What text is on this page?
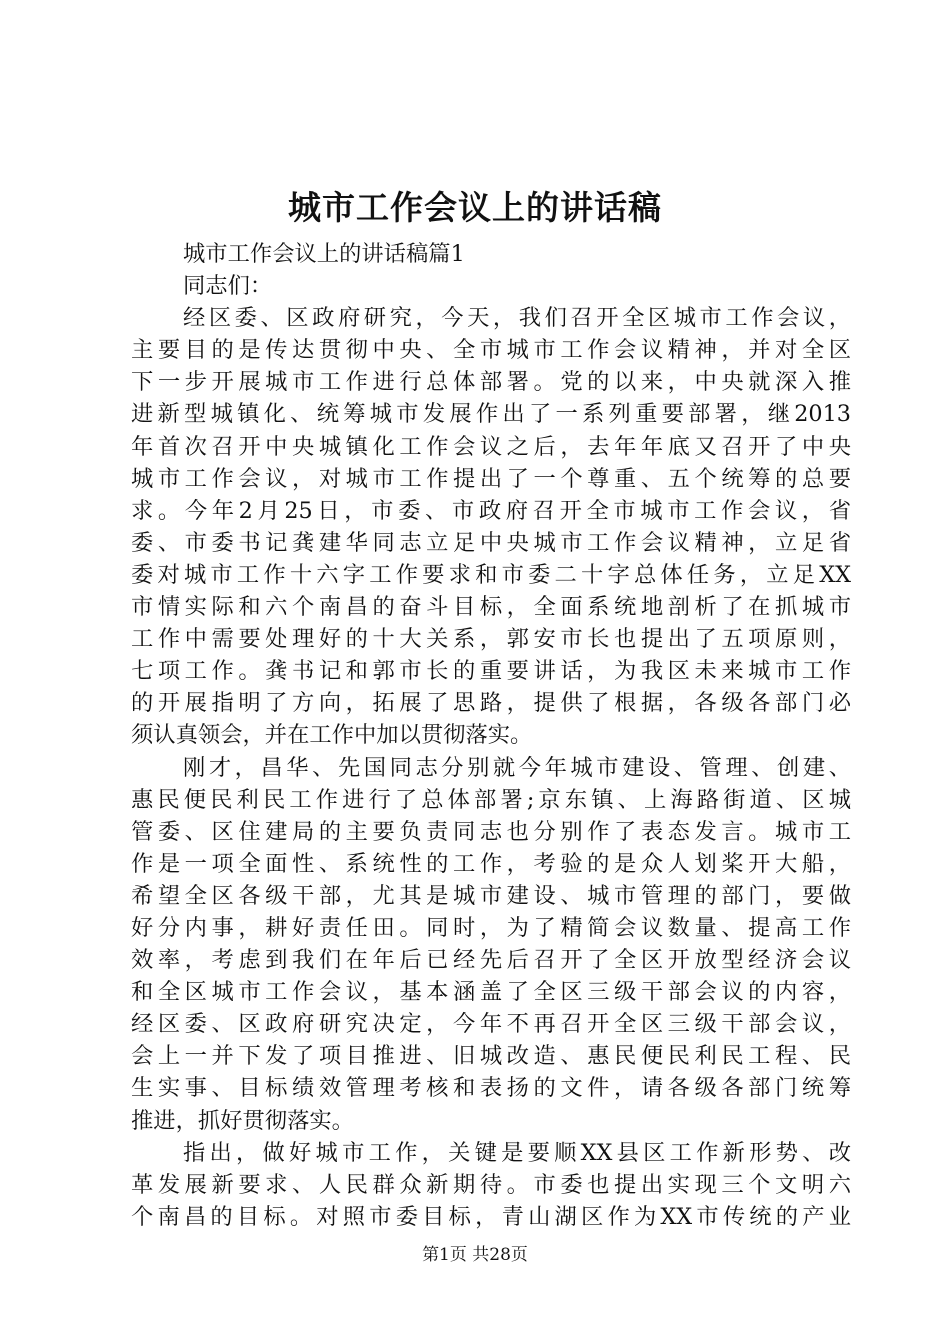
城市工作会议上的讲话稿
城市工作会议上的讲话稿篇1
同志们：
经区委、区政府研究，今天，我们召开全区城市工作会议，
主要目的是传达贯彻中央、全市城市工作会议精神，并对全区
下一步开展城市工作进行总体部署。党的以来，中央就深入推
进新型城镇化、统筹城市发展作出了一系列重要部署，继2013
年首次召开中央城镇化工作会议之后，去年年底又召开了中央
城市工作会议，对城市工作提出了一个尊重、五个统筹的总要
求。今年2月25日，市委、市政府召开全市城市工作会议，省
委、市委书记龚建华同志立足中央城市工作会议精神，立足省
委对城市工作十六字工作要求和市委二十字总体任务，立足XX
市情实际和六个南昌的奋斗目标，全面系统地剖析了在抓城市
工作中需要处理好的十大关系，郭安市长也提出了五项原则，
七项工作。龚书记和郭市长的重要讲话，为我区未来城市工作
的开展指明了方向，拓展了思路，提供了根据，各级各部门必
须认真领会，并在工作中加以贯彻落实。
刚才，昌华、先国同志分别就今年城市建设、管理、创建、
惠民便民利民工作进行了总体部署;京东镇、上海路街道、区城
管委、区住建局的主要负责同志也分别作了表态发言。城市工
作是一项全面性、系统性的工作，考验的是众人划桨开大船，
希望全区各级干部，尤其是城市建设、城市管理的部门，要做
好分内事，耕好责任田。同时，为了精简会议数量、提高工作
效率，考虑到我们在年后已经先后召开了全区开放型经济会议
和全区城市工作会议，基本涵盖了全区三级干部会议的内容，
经区委、区政府研究决定，今年不再召开全区三级干部会议，
会上一并下发了项目推进、旧城改造、惠民便民利民工程、民
生实事、目标绩效管理考核和表扬的文件，请各级各部门统筹
推进，抓好贯彻落实。
指出，做好城市工作，关键是要顺XX县区工作新形势、改
革发展新要求、人民群众新期待。市委也提出实现三个文明六
个南昌的目标。对照市委目标，青山湖区作为XX市传统的产业
第1页 共28页
